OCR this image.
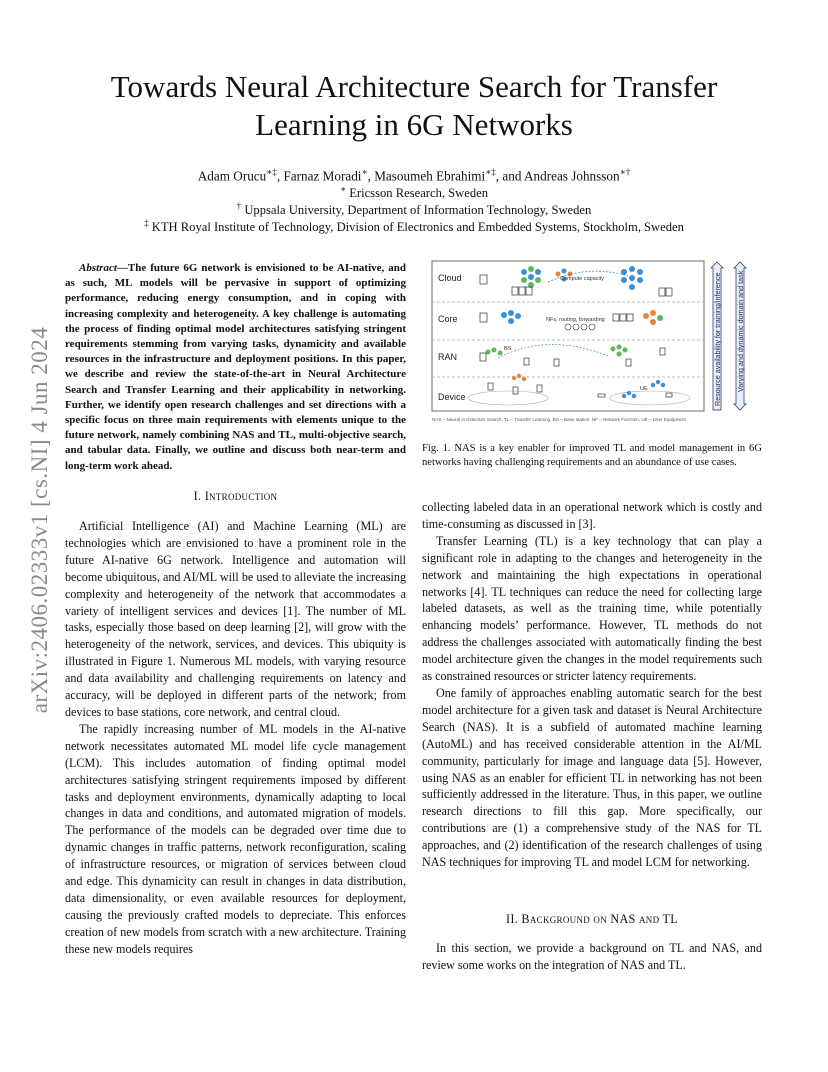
arXiv:2406.02333v1 [cs.NI] 4 Jun 2024
Towards Neural Architecture Search for Transfer
Learning in 6G Networks
Adam Orucu∗‡, Farnaz Moradi∗, Masoumeh Ebrahimi∗‡, and Andreas Johnsson∗†
∗ Ericsson Research, Sweden
† Uppsala University, Department of Information Technology, Sweden
‡ KTH Royal Institute of Technology, Division of Electronics and Embedded Systems, Stockholm, Sweden

Abstract—The future 6G network is envisioned to be AI-native, and as such, ML models will be pervasive in support of optimizing performance, reducing energy consumption, and in coping with increasing complexity and heterogeneity. A key challenge is automating the process of finding optimal model architectures satisfying stringent requirements stemming from varying tasks, dynamicity and available resources in the infrastructure and deployment positions. In this paper, we describe and review the state-of-the-art in Neural Architecture Search and Transfer Learning and their applicability in networking. Further, we identify open research challenges and set directions with a specific focus on three main requirements with elements unique to the future network, namely combining NAS and TL, multi-objective search, and tabular data. Finally, we outline and discuss both near-term and long-term work ahead.

I. Introduction

Artificial Intelligence (AI) and Machine Learning (ML) are technologies which are envisioned to have a prominent role in the future AI-native 6G network. Intelligence and automation will become ubiquitous, and AI/ML will be used to alleviate the increasing complexity and heterogeneity of the network that accommodates a variety of intelligent services and devices [1]. The number of ML tasks, especially those based on deep learning [2], will grow with the heterogeneity of the network, services, and devices. This ubiquity is illustrated in Figure 1. Numerous ML models, with varying resource and data availability and challenging requirements on latency and accuracy, will be deployed in different parts of the network; from devices to base stations, core network, and central cloud.

The rapidly increasing number of ML models in the AI-native network necessitates automated ML model life cycle management (LCM). This includes automation of finding optimal model architectures satisfying stringent requirements imposed by different tasks and deployment environments, dynamically adapting to local changes in data and conditions, and automated migration of models. The performance of the models can be degraded over time due to dynamic changes in traffic patterns, network reconfiguration, scaling of infrastructure resources, or migration of services between cloud and edge. This dynamicity can result in changes in data distribution, data dimensionality, or even available resources for deployment, causing the previously crafted models to depreciate. This enforces creation of new models from scratch with a new architecture. Training these new models requires

Cloud
Core
RAN
Device
Compute capacity
NFs, routing, forwarding
BS
UE	Resource availability for training/inference Varying and dynamic domain and task
NAS – Neural Architecture Search, TL – Transfer Learning, BS – Base station, NF – Network Function, UE – User Equipment
Fig. 1. NAS is a key enabler for improved TL and model management in 6G networks having challenging requirements and an abundance of use cases.

collecting labeled data in an operational network which is costly and time-consuming as discussed in [3].

Transfer Learning (TL) is a key technology that can play a significant role in adapting to the changes and heterogeneity in the network and maintaining the high expectations in operational networks [4]. TL techniques can reduce the need for collecting large labeled datasets, as well as the training time, while potentially enhancing models’ performance. However, TL methods do not address the challenges associated with automatically finding the best model architecture given the changes in the model requirements such as constrained resources or stricter latency requirements.

One family of approaches enabling automatic search for the best model architecture for a given task and dataset is Neural Architecture Search (NAS). It is a subfield of automated machine learning (AutoML) and has received considerable attention in the AI/ML community, particularly for image and language data [5]. However, using NAS as an enabler for efficient TL in networking has not been sufficiently addressed in the literature. Thus, in this paper, we outline research directions to fill this gap. More specifically, our contributions are (1) a comprehensive study of the NAS for TL approaches, and (2) identification of the research challenges of using NAS techniques for improving TL and model LCM for networking.

II. Background on NAS and TL

In this section, we provide a background on TL and NAS, and review some works on the integration of NAS and TL.
